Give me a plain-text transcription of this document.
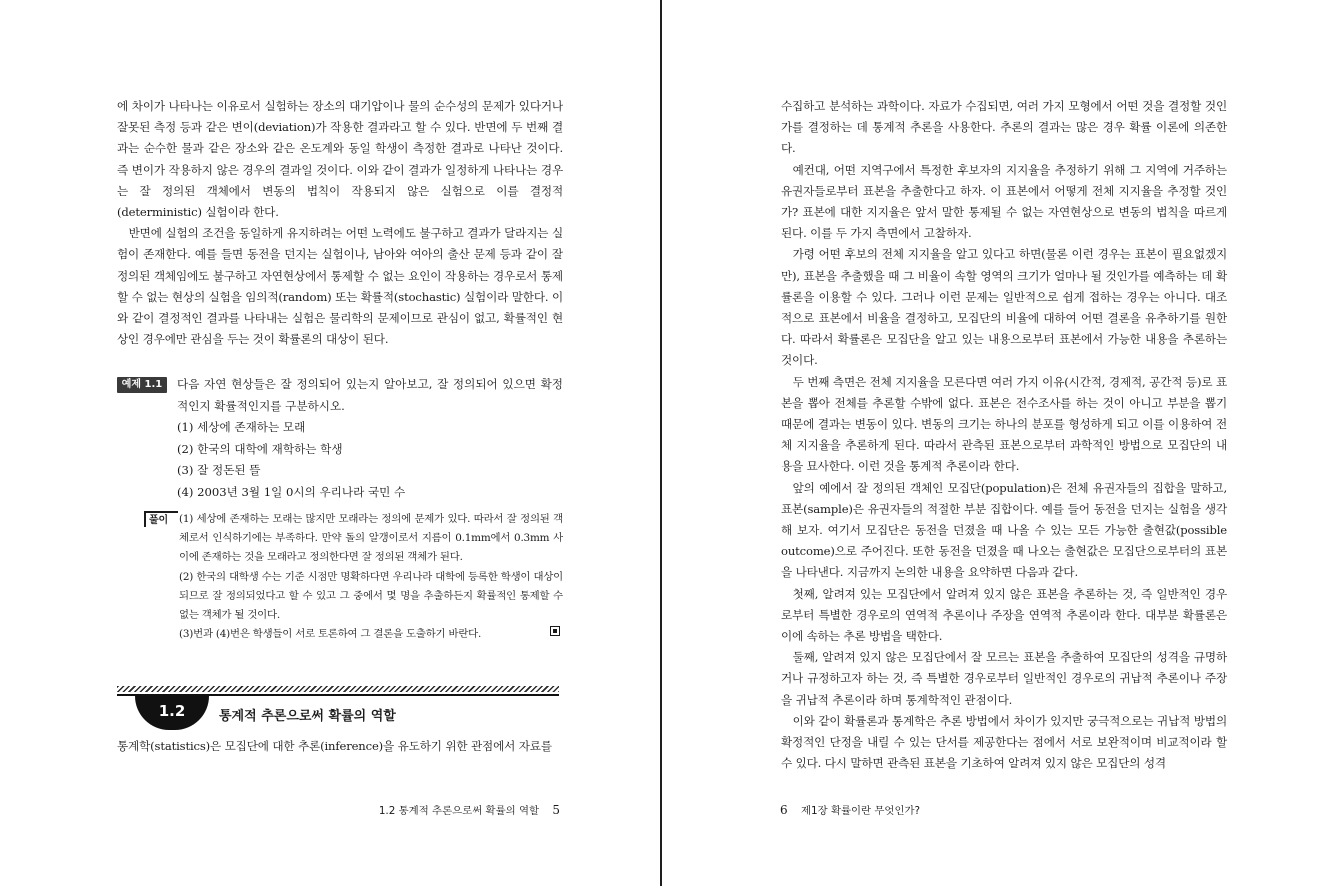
에 차이가 나타나는 이유로서 실험하는 장소의 대기압이나 물의 순수성의 문제가 있다거나 잘못된 측정 등과 같은 변이(deviation)가 작용한 결과라고 할 수 있다. 반면에 두 번째 결과는 순수한 물과 같은 장소와 같은 온도계와 동일 학생이 측정한 결과로 나타난 것이다. 즉 변이가 작용하지 않은 경우의 결과일 것이다. 이와 같이 결과가 일정하게 나타나는 경우는 잘 정의된 객체에서 변동의 법칙이 작용되지 않은 실험으로 이를 결정적(deterministic) 실험이라 한다.

반면에 실험의 조건을 동일하게 유지하려는 어떤 노력에도 불구하고 결과가 달라지는 실험이 존재한다. 예를 들면 동전을 던지는 실험이나, 남아와 여아의 출산 문제 등과 같이 잘 정의된 객체임에도 불구하고 자연현상에서 통제할 수 없는 요인이 작용하는 경우로서 통제할 수 없는 현상의 실험을 임의적(random) 또는 확률적(stochastic) 실험이라 말한다. 이와 같이 결정적인 결과를 나타내는 실험은 물리학의 문제이므로 관심이 없고, 확률적인 현상인 경우에만 관심을 두는 것이 확률론의 대상이 된다.

예제 1.1	다음 자연 현상들은 잘 정의되어 있는지 알아보고, 잘 정의되어 있으면 확정적인지 확률적인지를 구분하시오.
(1) 세상에 존재하는 모래
(2) 한국의 대학에 재학하는 학생
(3) 잘 정돈된 뜰
(4) 2003년 3월 1일 0시의 우리나라 국민 수
풀이	(1) 세상에 존재하는 모래는 많지만 모래라는 정의에 문제가 있다. 따라서 잘 정의된 객체로서 인식하기에는 부족하다. 만약 돌의 알갱이로서 지름이 0.1mm에서 0.3mm 사이에 존재하는 것을 모래라고 정의한다면 잘 정의된 객체가 된다.
(2) 한국의 대학생 수는 기준 시점만 명확하다면 우리나라 대학에 등록한 학생이 대상이 되므로 잘 정의되었다고 할 수 있고 그 중에서 몇 명을 추출하든지 확률적인 통제할 수 없는 객체가 될 것이다.
(3)번과 (4)번은 학생들이 서로 토론하여 그 결론을 도출하기 바란다.
1.2	통계적 추론으로써 확률의 역할

통계학(statistics)은 모집단에 대한 추론(inference)을 유도하기 위한 관점에서 자료를

1.2 통계적 추론으로써 확률의 역할 5

수집하고 분석하는 과학이다. 자료가 수집되면, 여러 가지 모형에서 어떤 것을 결정할 것인가를 결정하는 데 통계적 추론을 사용한다. 추론의 결과는 많은 경우 확률 이론에 의존한다.

예컨대, 어떤 지역구에서 특정한 후보자의 지지율을 추정하기 위해 그 지역에 거주하는 유권자들로부터 표본을 추출한다고 하자. 이 표본에서 어떻게 전체 지지율을 추정할 것인가? 표본에 대한 지지율은 앞서 말한 통제될 수 없는 자연현상으로 변동의 법칙을 따르게 된다. 이를 두 가지 측면에서 고찰하자.

가령 어떤 후보의 전체 지지율을 알고 있다고 하면(물론 이런 경우는 표본이 필요없겠지만), 표본을 추출했을 때 그 비율이 속할 영역의 크기가 얼마나 될 것인가를 예측하는 데 확률론을 이용할 수 있다. 그러나 이런 문제는 일반적으로 쉽게 접하는 경우는 아니다. 대조적으로 표본에서 비율을 결정하고, 모집단의 비율에 대하여 어떤 결론을 유추하기를 원한다. 따라서 확률론은 모집단을 알고 있는 내용으로부터 표본에서 가능한 내용을 추론하는 것이다.

두 번째 측면은 전체 지지율을 모른다면 여러 가지 이유(시간적, 경제적, 공간적 등)로 표본을 뽑아 전체를 추론할 수밖에 없다. 표본은 전수조사를 하는 것이 아니고 부분을 뽑기 때문에 결과는 변동이 있다. 변동의 크기는 하나의 분포를 형성하게 되고 이를 이용하여 전체 지지율을 추론하게 된다. 따라서 관측된 표본으로부터 과학적인 방법으로 모집단의 내용을 묘사한다. 이런 것을 통계적 추론이라 한다.

앞의 예에서 잘 정의된 객체인 모집단(population)은 전체 유권자들의 집합을 말하고, 표본(sample)은 유권자들의 적절한 부분 집합이다. 예를 들어 동전을 던지는 실험을 생각해 보자. 여기서 모집단은 동전을 던졌을 때 나올 수 있는 모든 가능한 출현값(possible outcome)으로 주어진다. 또한 동전을 던졌을 때 나오는 출현값은 모집단으로부터의 표본을 나타낸다. 지금까지 논의한 내용을 요약하면 다음과 같다.

첫째, 알려져 있는 모집단에서 알려져 있지 않은 표본을 추론하는 것, 즉 일반적인 경우로부터 특별한 경우로의 연역적 추론이나 주장을 연역적 추론이라 한다. 대부분 확률론은 이에 속하는 추론 방법을 택한다.

둘째, 알려져 있지 않은 모집단에서 잘 모르는 표본을 추출하여 모집단의 성격을 규명하거나 규정하고자 하는 것, 즉 특별한 경우로부터 일반적인 경우로의 귀납적 추론이나 주장을 귀납적 추론이라 하며 통계학적인 관점이다.

이와 같이 확률론과 통계학은 추론 방법에서 차이가 있지만 궁극적으로는 귀납적 방법의 확정적인 단정을 내릴 수 있는 단서를 제공한다는 점에서 서로 보완적이며 비교적이라 할 수 있다. 다시 말하면 관측된 표본을 기초하여 알려져 있지 않은 모집단의 성격

6 제1장 확률이란 무엇인가?
